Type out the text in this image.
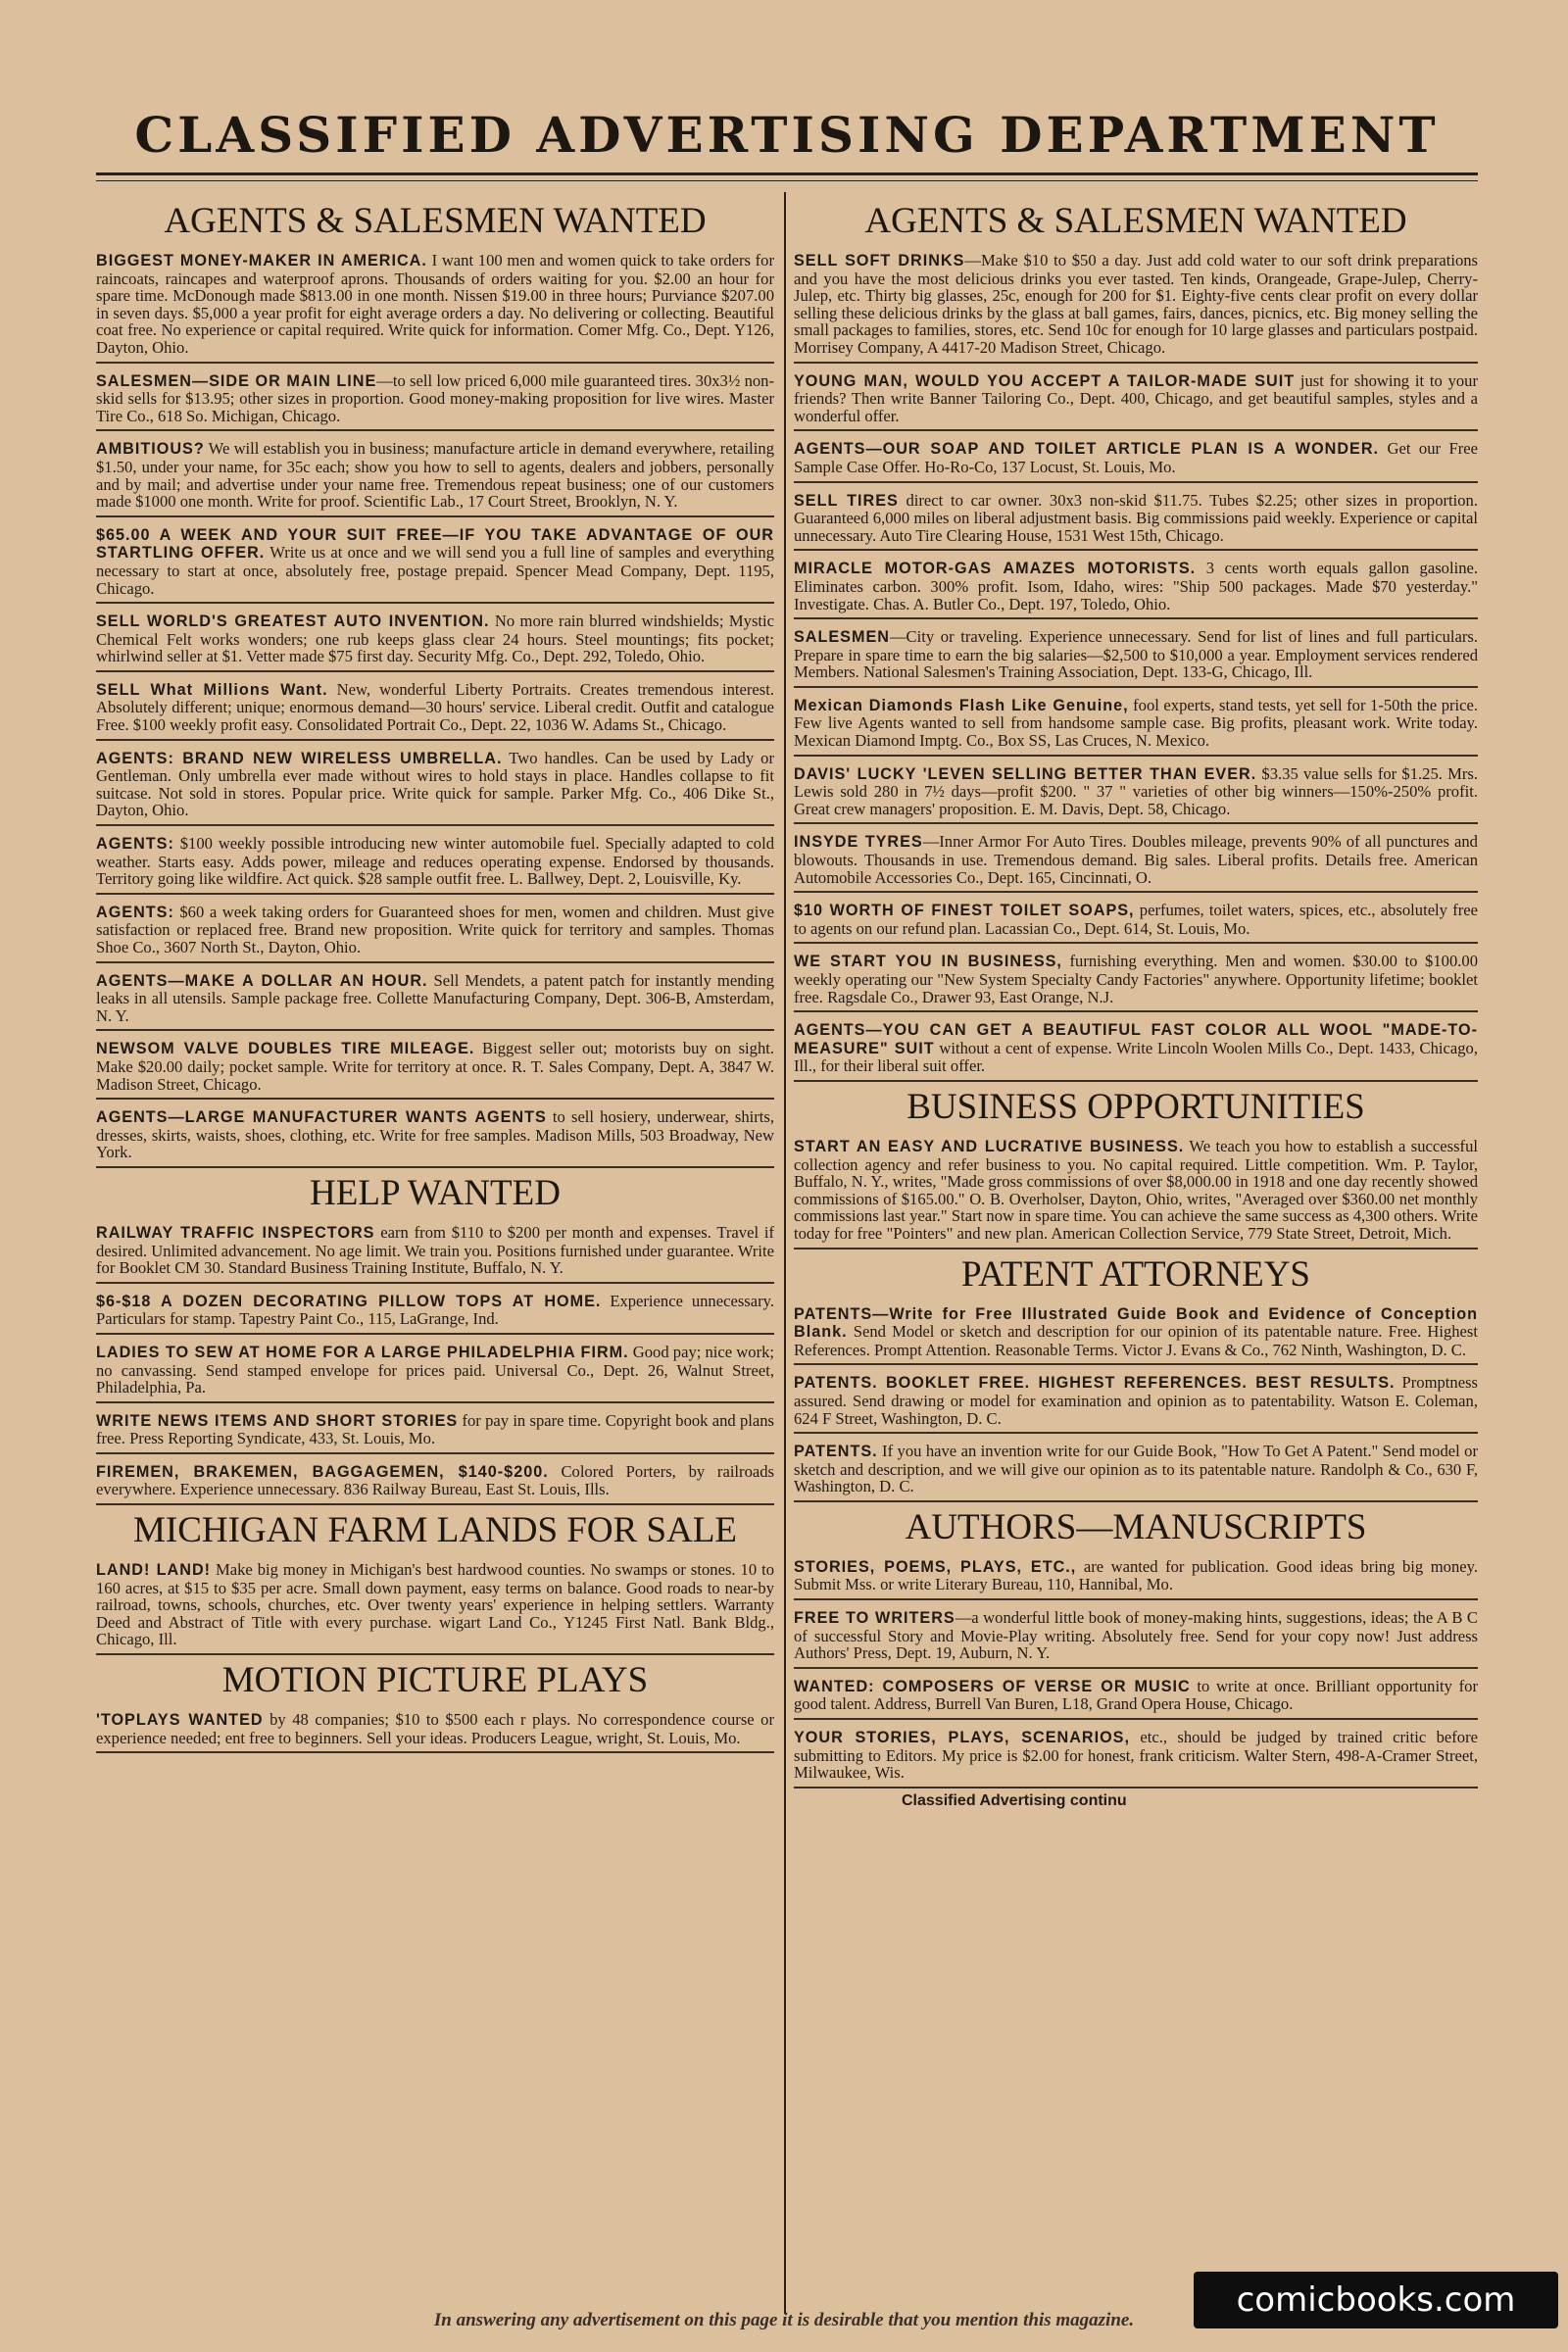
CLASSIFIED ADVERTISING DEPARTMENT
AGENTS & SALESMEN WANTED
BIGGEST MONEY-MAKER IN AMERICA. I want 100 men and women quick to take orders for raincoats, raincapes and waterproof aprons. Thousands of orders waiting for you. $2.00 an hour for spare time. McDonough made $813.00 in one month. Nissen $19.00 in three hours; Purviance $207.00 in seven days. $5,000 a year profit for eight average orders a day. No delivering or collecting. Beautiful coat free. No experience or capital required. Write quick for information. Comer Mfg. Co., Dept. Y126, Dayton, Ohio.
SALESMEN—SIDE OR MAIN LINE—to sell low priced 6,000 mile guaranteed tires. 30x3½ non-skid sells for $13.95; other sizes in proportion. Good money-making proposition for live wires. Master Tire Co., 618 So. Michigan, Chicago.
AMBITIOUS? We will establish you in business; manufacture article in demand everywhere, retailing $1.50, under your name, for 35c each; show you how to sell to agents, dealers and jobbers, personally and by mail; and advertise under your name free. Tremendous repeat business; one of our customers made $1000 one month. Write for proof. Scientific Lab., 17 Court Street, Brooklyn, N. Y.
$65.00 A WEEK AND YOUR SUIT FREE—IF YOU TAKE ADVANTAGE OF OUR STARTLING OFFER. Write us at once and we will send you a full line of samples and everything necessary to start at once, absolutely free, postage prepaid. Spencer Mead Company, Dept. 1195, Chicago.
SELL WORLD'S GREATEST AUTO INVENTION. No more rain blurred windshields; Mystic Chemical Felt works wonders; one rub keeps glass clear 24 hours. Steel mountings; fits pocket; whirlwind seller at $1. Vetter made $75 first day. Security Mfg. Co., Dept. 292, Toledo, Ohio.
SELL What Millions Want. New, wonderful Liberty Portraits. Creates tremendous interest. Absolutely different; unique; enormous demand—30 hours' service. Liberal credit. Outfit and catalogue Free. $100 weekly profit easy. Consolidated Portrait Co., Dept. 22, 1036 W. Adams St., Chicago.
AGENTS: BRAND NEW WIRELESS UMBRELLA. Two handles. Can be used by Lady or Gentleman. Only umbrella ever made without wires to hold stays in place. Handles collapse to fit suitcase. Not sold in stores. Popular price. Write quick for sample. Parker Mfg. Co., 406 Dike St., Dayton, Ohio.
AGENTS: $100 weekly possible introducing new winter automobile fuel. Specially adapted to cold weather. Starts easy. Adds power, mileage and reduces operating expense. Endorsed by thousands. Territory going like wildfire. Act quick. $28 sample outfit free. L. Ballwey, Dept. 2, Louisville, Ky.
AGENTS: $60 a week taking orders for Guaranteed shoes for men, women and children. Must give satisfaction or replaced free. Brand new proposition. Write quick for territory and samples. Thomas Shoe Co., 3607 North St., Dayton, Ohio.
AGENTS—MAKE A DOLLAR AN HOUR. Sell Mendets, a patent patch for instantly mending leaks in all utensils. Sample package free. Collette Manufacturing Company, Dept. 306-B, Amsterdam, N. Y.
NEWSOM VALVE DOUBLES TIRE MILEAGE. Biggest seller out; motorists buy on sight. Make $20.00 daily; pocket sample. Write for territory at once. R. T. Sales Company, Dept. A, 3847 W. Madison Street, Chicago.
AGENTS—LARGE MANUFACTURER WANTS AGENTS to sell hosiery, underwear, shirts, dresses, skirts, waists, shoes, clothing, etc. Write for free samples. Madison Mills, 503 Broadway, New York.
HELP WANTED
RAILWAY TRAFFIC INSPECTORS earn from $110 to $200 per month and expenses. Travel if desired. Unlimited advancement. No age limit. We train you. Positions furnished under guarantee. Write for Booklet CM 30. Standard Business Training Institute, Buffalo, N. Y.
$6-$18 A DOZEN DECORATING PILLOW TOPS AT HOME. Experience unnecessary. Particulars for stamp. Tapestry Paint Co., 115, LaGrange, Ind.
LADIES TO SEW AT HOME FOR A LARGE PHILADELPHIA FIRM. Good pay; nice work; no canvassing. Send stamped envelope for prices paid. Universal Co., Dept. 26, Walnut Street, Philadelphia, Pa.
WRITE NEWS ITEMS AND SHORT STORIES for pay in spare time. Copyright book and plans free. Press Reporting Syndicate, 433, St. Louis, Mo.
FIREMEN, BRAKEMEN, BAGGAGEMEN, $140-$200. Colored Porters, by railroads everywhere. Experience unnecessary. 836 Railway Bureau, East St. Louis, Ills.
MICHIGAN FARM LANDS FOR SALE
LAND! LAND! Make big money in Michigan's best hardwood counties. No swamps or stones. 10 to 160 acres, at $15 to $35 per acre. Small down payment, easy terms on balance. Good roads to near-by railroad, towns, schools, churches, etc. Over twenty years' experience in helping settlers. Warranty Deed and Abstract of Title with every purchase. wigart Land Co., Y1245 First Natl. Bank Bldg., Chicago, Ill.
MOTION PICTURE PLAYS
'TOPLAYS WANTED by 48 companies; $10 to $500 each r plays. No correspondence course or experience needed; ent free to beginners. Sell your ideas. Producers League, wright, St. Louis, Mo.
AGENTS & SALESMEN WANTED
SELL SOFT DRINKS—Make $10 to $50 a day. Just add cold water to our soft drink preparations and you have the most delicious drinks you ever tasted. Ten kinds, Orangeade, Grape-Julep, Cherry-Julep, etc. Thirty big glasses, 25c, enough for 200 for $1. Eighty-five cents clear profit on every dollar selling these delicious drinks by the glass at ball games, fairs, dances, picnics, etc. Big money selling the small packages to families, stores, etc. Send 10c for enough for 10 large glasses and particulars postpaid. Morrisey Company, A 4417-20 Madison Street, Chicago.
YOUNG MAN, WOULD YOU ACCEPT A TAILOR-MADE SUIT just for showing it to your friends? Then write Banner Tailoring Co., Dept. 400, Chicago, and get beautiful samples, styles and a wonderful offer.
AGENTS—OUR SOAP AND TOILET ARTICLE PLAN IS A WONDER. Get our Free Sample Case Offer. Ho-Ro-Co, 137 Locust, St. Louis, Mo.
SELL TIRES direct to car owner. 30x3 non-skid $11.75. Tubes $2.25; other sizes in proportion. Guaranteed 6,000 miles on liberal adjustment basis. Big commissions paid weekly. Experience or capital unnecessary. Auto Tire Clearing House, 1531 West 15th, Chicago.
MIRACLE MOTOR-GAS AMAZES MOTORISTS. 3 cents worth equals gallon gasoline. Eliminates carbon. 300% profit. Isom, Idaho, wires: "Ship 500 packages. Made $70 yesterday." Investigate. Chas. A. Butler Co., Dept. 197, Toledo, Ohio.
SALESMEN—City or traveling. Experience unnecessary. Send for list of lines and full particulars. Prepare in spare time to earn the big salaries—$2,500 to $10,000 a year. Employment services rendered Members. National Salesmen's Training Association, Dept. 133-G, Chicago, Ill.
Mexican Diamonds Flash Like Genuine, fool experts, stand tests, yet sell for 1-50th the price. Few live Agents wanted to sell from handsome sample case. Big profits, pleasant work. Write today. Mexican Diamond Imptg. Co., Box SS, Las Cruces, N. Mexico.
DAVIS' LUCKY 'LEVEN SELLING BETTER THAN EVER. $3.35 value sells for $1.25. Mrs. Lewis sold 280 in 7½ days—profit $200. " 37 " varieties of other big winners—150%-250% profit. Great crew managers' proposition. E. M. Davis, Dept. 58, Chicago.
INSYDE TYRES—Inner Armor For Auto Tires. Doubles mileage, prevents 90% of all punctures and blowouts. Thousands in use. Tremendous demand. Big sales. Liberal profits. Details free. American Automobile Accessories Co., Dept. 165, Cincinnati, O.
$10 WORTH OF FINEST TOILET SOAPS, perfumes, toilet waters, spices, etc., absolutely free to agents on our refund plan. Lacassian Co., Dept. 614, St. Louis, Mo.
WE START YOU IN BUSINESS, furnishing everything. Men and women. $30.00 to $100.00 weekly operating our "New System Specialty Candy Factories" anywhere. Opportunity lifetime; booklet free. Ragsdale Co., Drawer 93, East Orange, N.J.
AGENTS—YOU CAN GET A BEAUTIFUL FAST COLOR ALL WOOL "MADE-TO-MEASURE" SUIT without a cent of expense. Write Lincoln Woolen Mills Co., Dept. 1433, Chicago, Ill., for their liberal suit offer.
BUSINESS OPPORTUNITIES
START AN EASY AND LUCRATIVE BUSINESS. We teach you how to establish a successful collection agency and refer business to you. No capital required. Little competition. Wm. P. Taylor, Buffalo, N. Y., writes, "Made gross commissions of over $8,000.00 in 1918 and one day recently showed commissions of $165.00." O. B. Overholser, Dayton, Ohio, writes, "Averaged over $360.00 net monthly commissions last year." Start now in spare time. You can achieve the same success as 4,300 others. Write today for free "Pointers" and new plan. American Collection Service, 779 State Street, Detroit, Mich.
PATENT ATTORNEYS
PATENTS—Write for Free Illustrated Guide Book and Evidence of Conception Blank. Send Model or sketch and description for our opinion of its patentable nature. Free. Highest References. Prompt Attention. Reasonable Terms. Victor J. Evans & Co., 762 Ninth, Washington, D. C.
PATENTS. BOOKLET FREE. HIGHEST REFERENCES. BEST RESULTS. Promptness assured. Send drawing or model for examination and opinion as to patentability. Watson E. Coleman, 624 F Street, Washington, D. C.
PATENTS. If you have an invention write for our Guide Book, "How To Get A Patent." Send model or sketch and description, and we will give our opinion as to its patentable nature. Randolph & Co., 630 F, Washington, D. C.
AUTHORS—MANUSCRIPTS
STORIES, POEMS, PLAYS, ETC., are wanted for publication. Good ideas bring big money. Submit Mss. or write Literary Bureau, 110, Hannibal, Mo.
FREE TO WRITERS—a wonderful little book of money-making hints, suggestions, ideas; the A B C of successful Story and Movie-Play writing. Absolutely free. Send for your copy now! Just address Authors' Press, Dept. 19, Auburn, N. Y.
WANTED: COMPOSERS OF VERSE OR MUSIC to write at once. Brilliant opportunity for good talent. Address, Burrell Van Buren, L18, Grand Opera House, Chicago.
YOUR STORIES, PLAYS, SCENARIOS, etc., should be judged by trained critic before submitting to Editors. My price is $2.00 for honest, frank criticism. Walter Stern, 498-A-Cramer Street, Milwaukee, Wis.
Classified Advertising continu
In answering any advertisement on this page it is desirable that you mention this magazine.
comicbooks.com
